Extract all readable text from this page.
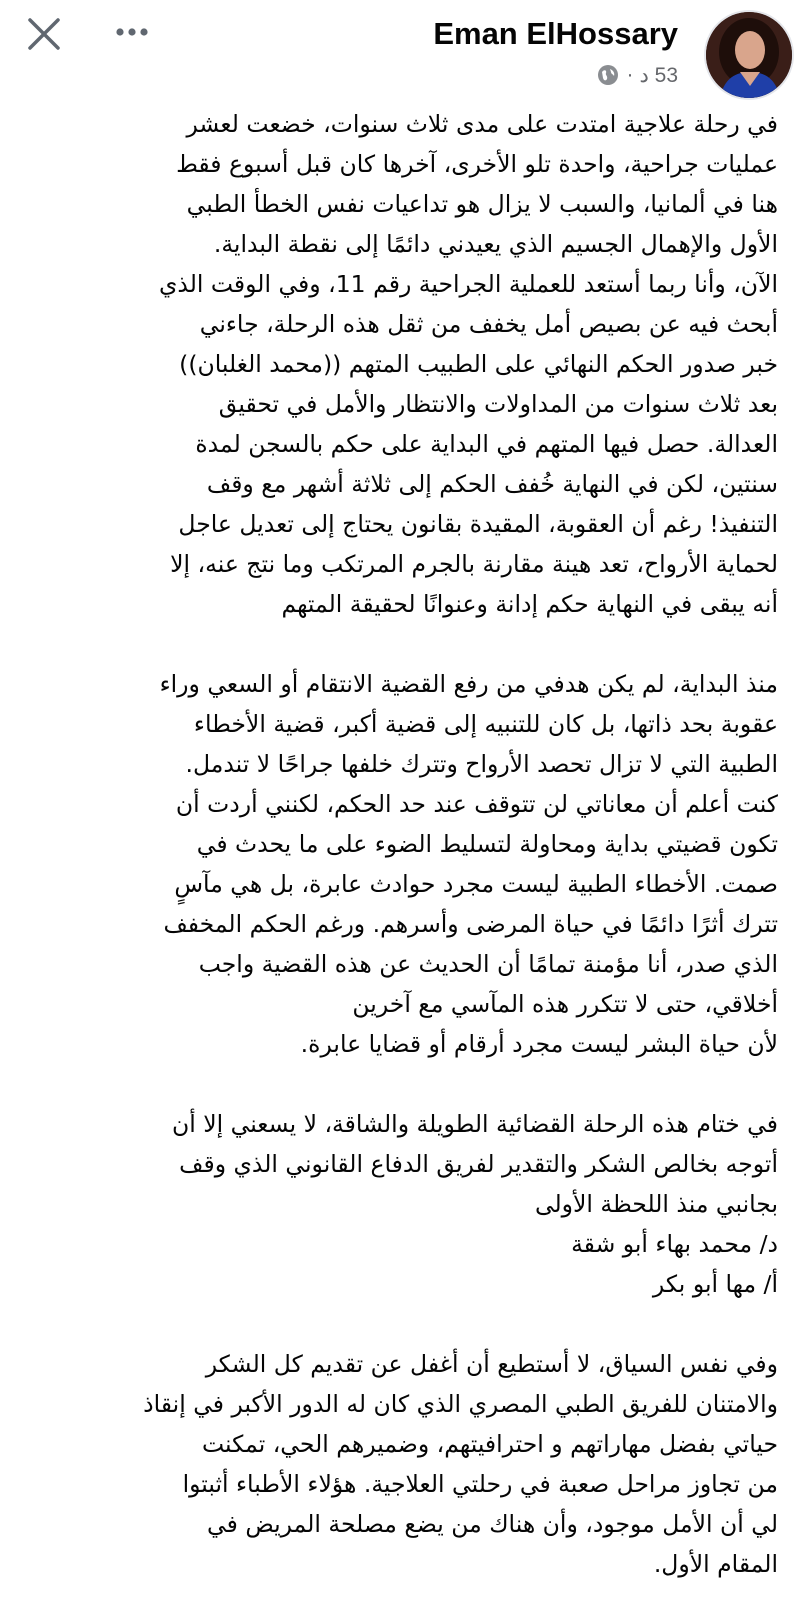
Eman ElHossary
· 53 د

في رحلة علاجية امتدت على مدى ثلاث سنوات، خضعت لعشر
عمليات جراحية، واحدة تلو الأخرى، آخرها كان قبل أسبوع فقط
هنا في ألمانيا، والسبب لا يزال هو تداعيات نفس الخطأ الطبي
الأول والإهمال الجسيم الذي يعيدني دائمًا إلى نقطة البداية.
الآن، وأنا ربما أستعد للعملية الجراحية رقم 11، وفي الوقت الذي
أبحث فيه عن بصيص أمل يخفف من ثقل هذه الرحلة، جاءني
خبر صدور الحكم النهائي على الطبيب المتهم ((محمد الغلبان))
بعد ثلاث سنوات من المداولات والانتظار والأمل في تحقيق
العدالة. حصل فيها المتهم في البداية على حكم بالسجن لمدة
سنتين، لكن في النهاية خُفف الحكم إلى ثلاثة أشهر مع وقف
التنفيذ! رغم أن العقوبة، المقيدة بقانون يحتاج إلى تعديل عاجل
لحماية الأرواح، تعد هينة مقارنة بالجرم المرتكب وما نتج عنه، إلا
أنه يبقى في النهاية حكم إدانة وعنوانًا لحقيقة المتهم

منذ البداية، لم يكن هدفي من رفع القضية الانتقام أو السعي وراء
عقوبة بحد ذاتها، بل كان للتنبيه إلى قضية أكبر، قضية الأخطاء
الطبية التي لا تزال تحصد الأرواح وتترك خلفها جراحًا لا تندمل.
كنت أعلم أن معاناتي لن تتوقف عند حد الحكم، لكنني أردت أن
تكون قضيتي بداية ومحاولة لتسليط الضوء على ما يحدث في
صمت. الأخطاء الطبية ليست مجرد حوادث عابرة، بل هي مآسٍ
تترك أثرًا دائمًا في حياة المرضى وأسرهم. ورغم الحكم المخفف
الذي صدر، أنا مؤمنة تمامًا أن الحديث عن هذه القضية واجب
أخلاقي، حتى لا تتكرر هذه المآسي مع آخرين
لأن حياة البشر ليست مجرد أرقام أو قضايا عابرة.

في ختام هذه الرحلة القضائية الطويلة والشاقة، لا يسعني إلا أن
أتوجه بخالص الشكر والتقدير لفريق الدفاع القانوني الذي وقف
بجانبي منذ اللحظة الأولى
د/ محمد بهاء أبو شقة
أ/ مها أبو بكر

وفي نفس السياق، لا أستطيع أن أغفل عن تقديم كل الشكر
والامتنان للفريق الطبي المصري الذي كان له الدور الأكبر في إنقاذ
حياتي بفضل مهاراتهم و احترافيتهم، وضميرهم الحي، تمكنت
من تجاوز مراحل صعبة في رحلتي العلاجية. هؤلاء الأطباء أثبتوا
لي أن الأمل موجود، وأن هناك من يضع مصلحة المريض في
المقام الأول.
